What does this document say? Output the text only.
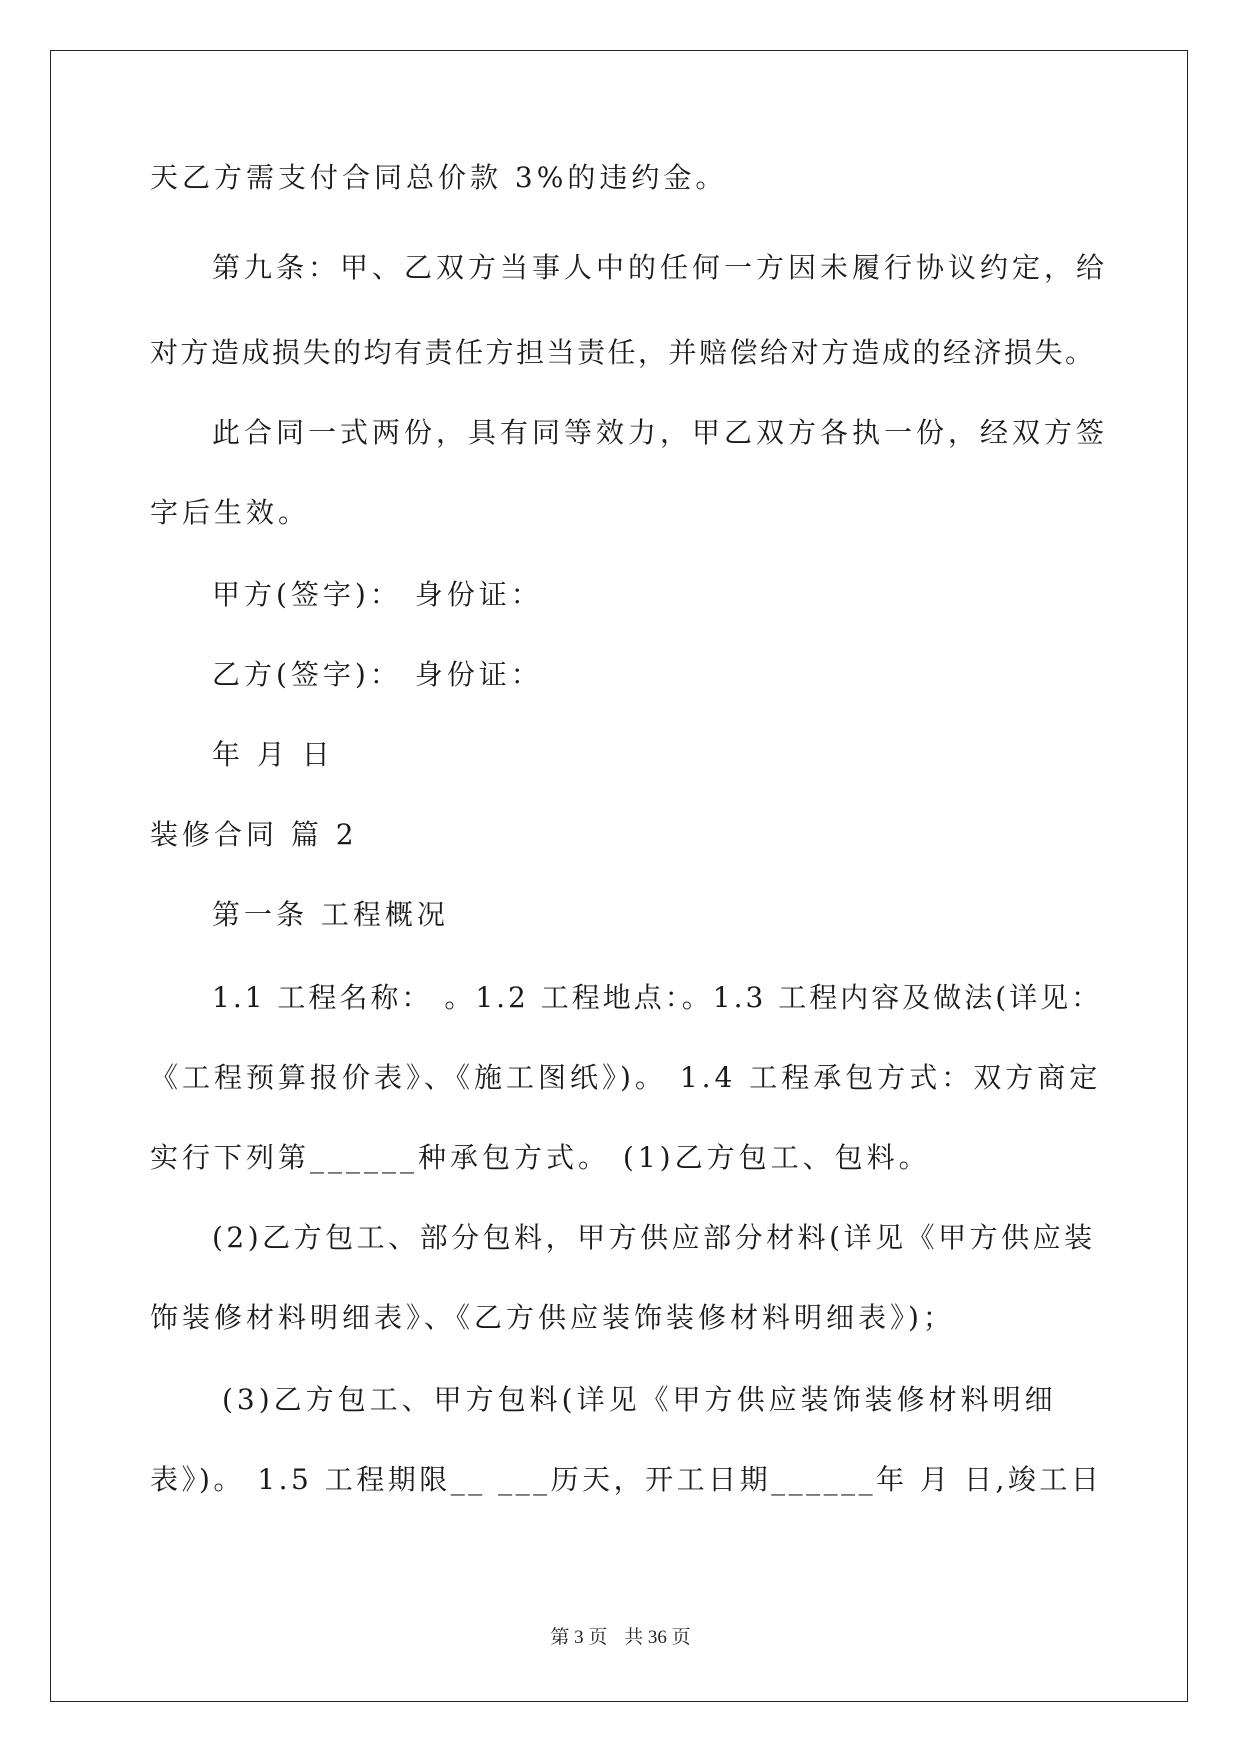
天乙方需支付合同总价款 3%的违约金。
第九条：甲、乙双方当事人中的任何一方因未履行协议约定，给
对方造成损失的均有责任方担当责任，并赔偿给对方造成的经济损失。
此合同一式两份，具有同等效力，甲乙双方各执一份，经双方签
字后生效。
甲方(签字)： 身份证：
乙方(签字)： 身份证：
年 月 日
装修合同 篇 2
第一条 工程概况
1.1 工程名称： 。1.2 工程地点：。1.3 工程内容及做法(详见：
《工程预算报价表》、《施工图纸》)。 1.4 工程承包方式：双方商定
实行下列第______种承包方式。 (1)乙方包工、包料。
(2)乙方包工、部分包料，甲方供应部分材料(详见《甲方供应装
饰装修材料明细表》、《乙方供应装饰装修材料明细表》)；
(3)乙方包工、甲方包料(详见《甲方供应装饰装修材料明细
表》)。 1.5 工程期限__ ___历天，开工日期______年 月 日,竣工日
第 3 页 共 36 页
